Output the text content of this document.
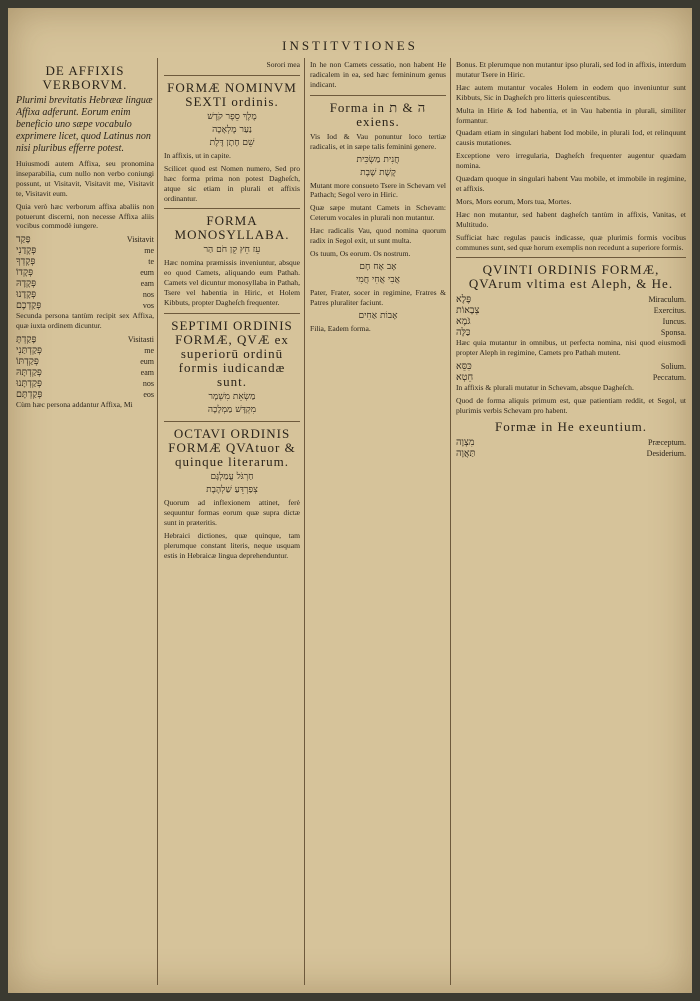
INSTITVTIONES
DE AFFIXIS VERBORVM.
Plurimi brevitatis Hebrææ linguæ Affixa adferunt. Eorum enim beneficio uno sæpe vocabulo exprimere licet, quod Latinus non nisi pluribus efferre potest.
Huiusmodi autem Affixa, seu pronomina inseparabilia, cum nullo non verbo coniungi possunt, ut Visitavit, Visitavit me, Visitavit te, Visitavit eum.
Quia verò hæc verborum affixa abaliis non potuerunt discerni, non necesse Affixa aliis vocibus commodè iungere.
פָּקַד	Visitavit
פְּקָדַנִי	me
פְּקָדְךָ	te
פְּקָדוֹ	eum
פְּקָדָהּ	eam
פְּקָדָנוּ	nos
פְּקַדְכֶם	vos
Secunda persona tantùm recipit sex Affixa, quæ iuxta ordinem dicuntur.
פָּקַדְתָּ	Visitasti
פְּקַדְתַּנִי	me
פְּקַדְתּוֹ	eum
פְּקַדְתָּהּ	eam
פְּקַדְתָּנוּ	nos
פְּקַדְתָּם	eos
Cùm hæc persona addantur Affixa, Mi
Sorori mea
FORMÆ NOMINVM SEXTI ordinis.
מֶלֶךְ סֵפֶר קֹדֶשׁ
נַעַר מֶלְאָכָה
שֵׁם חָתָן דֶּלֶת
In affixis, ut in capite.
Scilicet quod est Nomen numero, Sed pro hæc forma prima non potest Dagheſch, atque sic etiam in plurali et affixis ordinantur.
FORMA MONOSYLLABA.
עֵז חֵץ קֵן חֹם הַר
Hæc nomina præmissis inveniuntur, absque eo quod Camets, aliquando eum Pathah. Camets vel dicuntur monosyllaba in Pathah, Tsere vel habentia in Hiric, et Holem Kibbuts, propter Dagheſch frequenter.
SEPTIMI ORDINIS FORMÆ, QVÆ ex superiorū ordinū formis iudicandæ sunt.
מַשְׂאֵת מִשְׁמָר
מִקְדָּשׁ מַמְלָכָה
OCTAVI ORDINIS FORMÆ QVAtuor & quinque literarum.
חַרְגֹּל עֲמַלְגָּם
צְפַרְדֵּעַ שַׁלְהֶבֶת
Quorum ad inflexionem attinet, ferè sequuntur formas eorum quæ supra dictæ sunt in præteritis.
Hebraici dictiones, quæ quinque, tam plerumque constant literis, neque usquam estis in Hebraicæ lingua deprehenduntur.
In he non Camets cessatio, non habent He radicalem in ea, sed hæc femininum genus indicant.
Forma in ה & ת exiens.
Vis Iod & Vau ponuntur loco tertiæ radicalis, et in sæpe talis feminini genere.
חֲנִית מַשְׂכִּית
קֶשֶׁת שֶׁבֶת
Mutant more consueto Tsere in Schevam vel Pathach; Segol vero in Hiric.
Quæ sæpe mutant Camets in Schevam: Ceterum vocales in plurali non mutantur.
Hæc radicalis Vau, quod nomina quorum radix in Segol exit, ut sunt multa.
Os tuum, Os eorum. Os nostrum.
אָב אָח חָם
אֲבִי אֲחִי חֲמִי
Pater, Frater, socer in regimine, Fratres & Patres pluraliter faciunt.
אָבוֹת אַחִים
Filia, Eadem forma.
Bonus. Et plerumque non mutantur ipso plurali, sed Iod in affixis, interdum mutatur Tsere in Hiric.
Hæc autem mutantur vocales Holem in eodem quo inveniuntur sunt Kibbuts, Sic in Dagheſch pro litteris quiescentibus.
Multa in Hirie & Iod habentia, et in Vau habentia in plurali, similiter formantur.
Quadam etiam in singulari habent Iod mobile, in plurali Iod, et relinquunt causis mutationes.
Exceptione vero irregularia, Dagheſch frequenter augentur quædam nomina.
Quædam quoque in singulari habent Vau mobile, et immobile in regimine, et affixis.
Mors, Mors eorum, Mors tua, Mortes.
Hæc non mutantur, sed habent dagheſch tantùm in affixis, Vanitas, et Multitudo.
Sufficiat hæc regulas paucis indicasse, quæ plurimis formis vocibus communes sunt, sed quæ horum exemplis non recedunt a superiore formis.
QVINTI ORDINIS FORMÆ, QVArum vltima est Aleph, & He.
פֶּלֶא	Miraculum.
צְבָאוֹת	Exercitus.
גֹּמֶא	Iuncus.
כַּלָּה	Sponsa.
Hæc quia mutantur in omnibus, ut perfecta nomina, nisi quod eiusmodi propter Aleph in regimine, Camets pro Pathah mutent.
כִּסֵּא	Solium.
חֵטְא	Peccatum.
In affixis & plurali mutatur in Schevam, absque Dagheſch.
Quod de forma aliquis primum est, quæ patientiam reddit, et Segol, ut plurimis verbis Schevam pro habent.
Formæ in He exeuntium.
מִצְוָה	Præceptum.
תַּאֲוָה	Desiderium.
